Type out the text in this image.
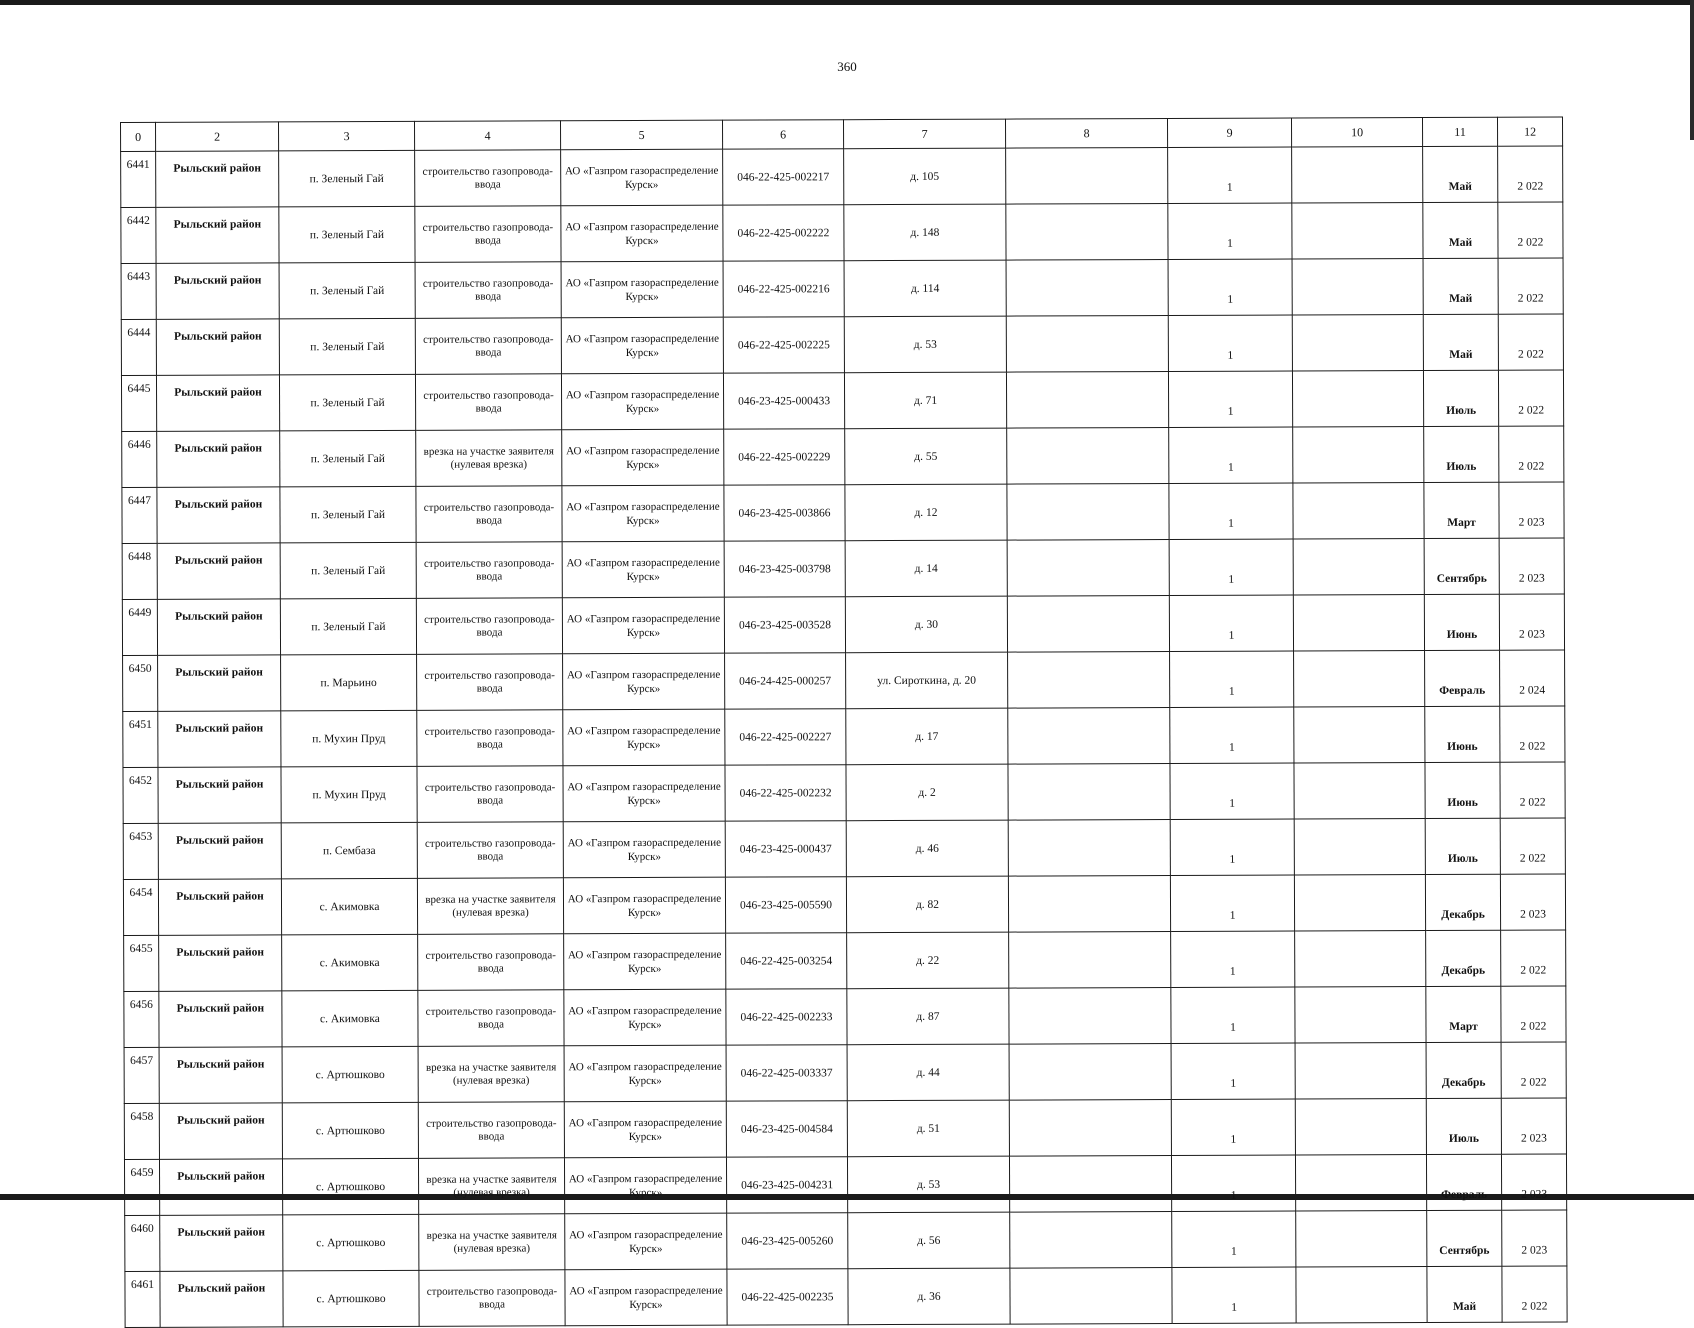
360
0	2	3	4	5	6	7	8	9	10	11	12
6441	Рыльский район	п. Зеленый Гай	строительство газопровода-ввода	АО «Газпром газораспределение Курск»	046-22-425-002217	д. 105		1		Май	2 022
6442	Рыльский район	п. Зеленый Гай	строительство газопровода-ввода	АО «Газпром газораспределение Курск»	046-22-425-002222	д. 148		1		Май	2 022
6443	Рыльский район	п. Зеленый Гай	строительство газопровода-ввода	АО «Газпром газораспределение Курск»	046-22-425-002216	д. 114		1		Май	2 022
6444	Рыльский район	п. Зеленый Гай	строительство газопровода-ввода	АО «Газпром газораспределение Курск»	046-22-425-002225	д. 53		1		Май	2 022
6445	Рыльский район	п. Зеленый Гай	строительство газопровода-ввода	АО «Газпром газораспределение Курск»	046-23-425-000433	д. 71		1		Июль	2 022
6446	Рыльский район	п. Зеленый Гай	врезка на участке заявителя (нулевая врезка)	АО «Газпром газораспределение Курск»	046-22-425-002229	д. 55		1		Июль	2 022
6447	Рыльский район	п. Зеленый Гай	строительство газопровода-ввода	АО «Газпром газораспределение Курск»	046-23-425-003866	д. 12		1		Март	2 023
6448	Рыльский район	п. Зеленый Гай	строительство газопровода-ввода	АО «Газпром газораспределение Курск»	046-23-425-003798	д. 14		1		Сентябрь	2 023
6449	Рыльский район	п. Зеленый Гай	строительство газопровода-ввода	АО «Газпром газораспределение Курск»	046-23-425-003528	д. 30		1		Июнь	2 023
6450	Рыльский район	п. Марьино	строительство газопровода-ввода	АО «Газпром газораспределение Курск»	046-24-425-000257	ул. Сироткина, д. 20		1		Февраль	2 024
6451	Рыльский район	п. Мухин Пруд	строительство газопровода-ввода	АО «Газпром газораспределение Курск»	046-22-425-002227	д. 17		1		Июнь	2 022
6452	Рыльский район	п. Мухин Пруд	строительство газопровода-ввода	АО «Газпром газораспределение Курск»	046-22-425-002232	д. 2		1		Июнь	2 022
6453	Рыльский район	п. Сембаза	строительство газопровода-ввода	АО «Газпром газораспределение Курск»	046-23-425-000437	д. 46		1		Июль	2 022
6454	Рыльский район	с. Акимовка	врезка на участке заявителя (нулевая врезка)	АО «Газпром газораспределение Курск»	046-23-425-005590	д. 82		1		Декабрь	2 023
6455	Рыльский район	с. Акимовка	строительство газопровода-ввода	АО «Газпром газораспределение Курск»	046-22-425-003254	д. 22		1		Декабрь	2 022
6456	Рыльский район	с. Акимовка	строительство газопровода-ввода	АО «Газпром газораспределение Курск»	046-22-425-002233	д. 87		1		Март	2 022
6457	Рыльский район	с. Артюшково	врезка на участке заявителя (нулевая врезка)	АО «Газпром газораспределение Курск»	046-22-425-003337	д. 44		1		Декабрь	2 022
6458	Рыльский район	с. Артюшково	строительство газопровода-ввода	АО «Газпром газораспределение Курск»	046-23-425-004584	д. 51		1		Июль	2 023
6459	Рыльский район	с. Артюшково	врезка на участке заявителя (нулевая врезка)	АО «Газпром газораспределение Курск»	046-23-425-004231	д. 53		1		Февраль	2 023
6460	Рыльский район	с. Артюшково	врезка на участке заявителя (нулевая врезка)	АО «Газпром газораспределение Курск»	046-23-425-005260	д. 56		1		Сентябрь	2 023
6461	Рыльский район	с. Артюшково	строительство газопровода-ввода	АО «Газпром газораспределение Курск»	046-22-425-002235	д. 36		1		Май	2 022
